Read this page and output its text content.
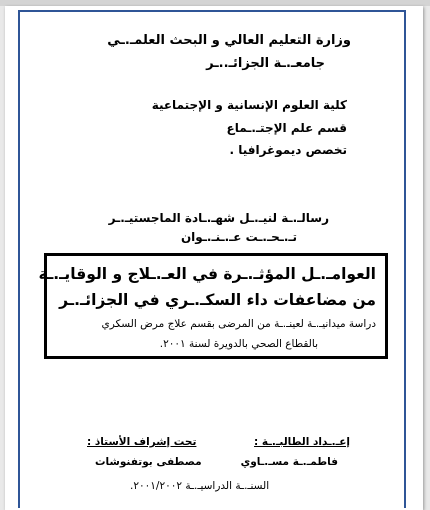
وزارة التعليم العالي و البحث العلمـ.ـي
جامعـ.ـة الجزائـ..ـر
كلية العلوم الإنسانية و الإجتماعية
قسم علم الإجتـ.ـماع
تخصص ديموغرافيا .
رسالـ.ـة لنيـ.ـل شهـ.ـادة الماجستيـ.ـر
تـ.ـحـ.ـت عـ.ـنـ.ـوان
العوامـ.ـل المؤثـ.ـرة في العـ.ـلاج و الوقايـ.ـة
من مضاعفات داء السكـ.ـري في الجزائـ.ـر
دراسة ميدانيـ.ـة لعينـ.ـة من المرضى بقسم علاج مرض السكري
بالقطاع الصحي بالدويرة لسنة ٢٠٠١.
إعـ.ـداد الطالبـ.ـة :
فاطمـ.ـة مسـ.ـاوي
تحت إشراف الأستاذ :
مصطفى بوتفنوشات
السنـ.ـة الدراسيـ.ـة ٢٠٠١/٢٠٠٢.
